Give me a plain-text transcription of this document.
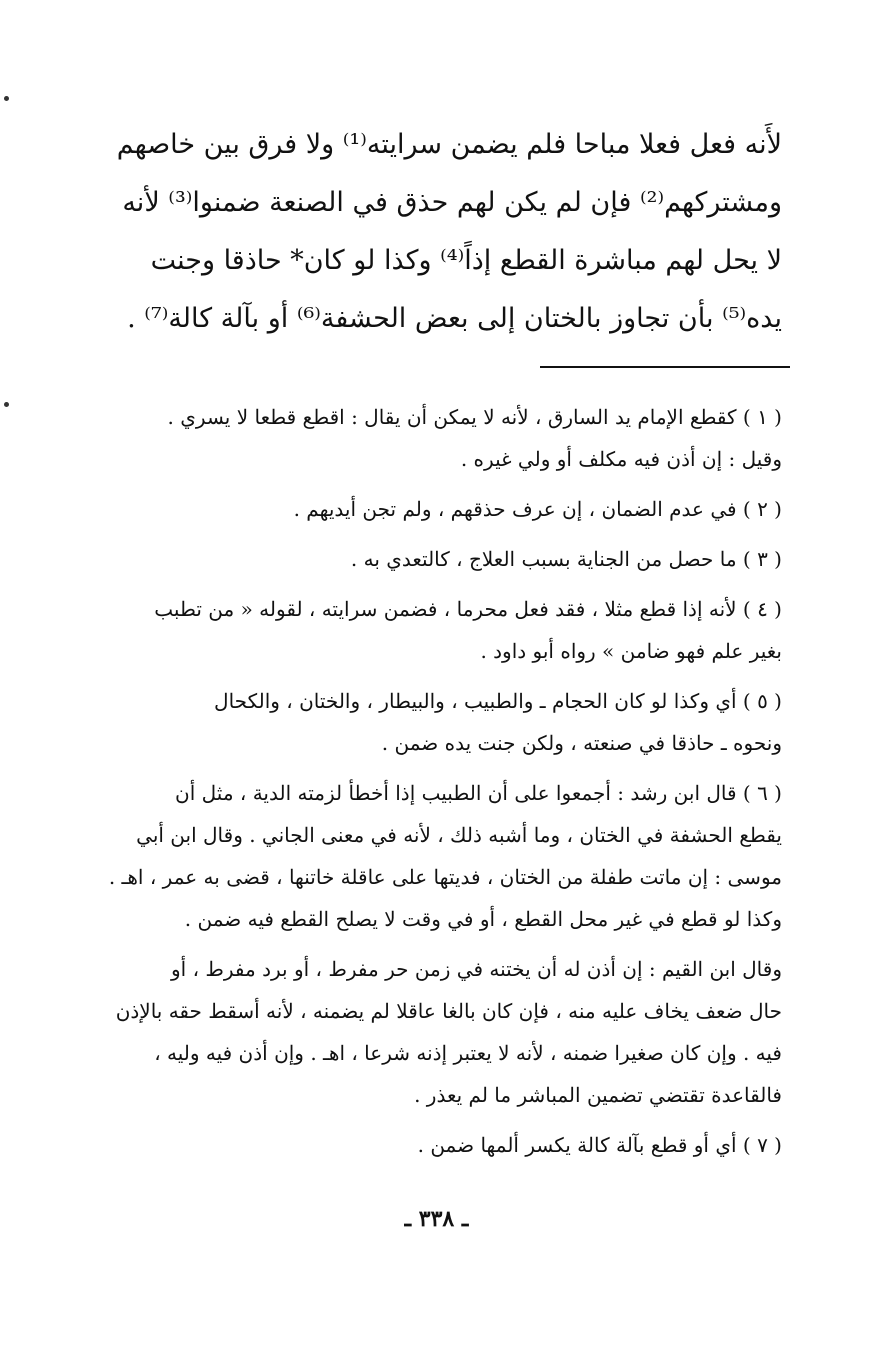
لأَنه فعل فعلا مباحا فلم يضمن سرايته⁽¹⁾ ولا فرق بين خاصهم
ومشتركهم⁽²⁾ فإن لم يكن لهم حذق في الصنعة ضمنوا⁽³⁾ لأنه
لا يحل لهم مباشرة القطع إذاً⁽⁴⁾ وكذا لو كان* حاذقا وجنت
يده⁽⁵⁾ بأن تجاوز بالختان إلى بعض الحشفة⁽⁶⁾ أو بآلة كالة⁽⁷⁾ .
( ١ ) كقطع الإمام يد السارق ، لأنه لا يمكن أن يقال : اقطع قطعا لا يسري .
وقيل : إن أذن فيه مكلف أو ولي غيره .
( ٢ ) في عدم الضمان ، إن عرف حذقهم ، ولم تجن أيديهم .
( ٣ ) ما حصل من الجناية بسبب العلاج ، كالتعدي به .
( ٤ ) لأنه إذا قطع مثلا ، فقد فعل محرما ، فضمن سرايته ، لقوله « من تطبب
بغير علم فهو ضامن » رواه أبو داود .
( ٥ ) أي وكذا لو كان الحجام ـ والطبيب ، والبيطار ، والختان ، والكحال
ونحوه ـ حاذقا في صنعته ، ولكن جنت يده ضمن .
( ٦ ) قال ابن رشد : أجمعوا على أن الطبيب إذا أخطأ لزمته الدية ، مثل أن
يقطع الحشفة في الختان ، وما أشبه ذلك ، لأنه في معنى الجاني . وقال ابن أبي
موسى : إن ماتت طفلة من الختان ، فديتها على عاقلة خاتنها ، قضى به عمر ، اهـ .
وكذا لو قطع في غير محل القطع ، أو في وقت لا يصلح القطع فيه ضمن .
وقال ابن القيم : إن أذن له أن يختنه في زمن حر مفرط ، أو برد مفرط ، أو
حال ضعف يخاف عليه منه ، فإن كان بالغا عاقلا لم يضمنه ، لأنه أسقط حقه بالإذن
فيه . وإن كان صغيرا ضمنه ، لأنه لا يعتبر إذنه شرعا ، اهـ . وإن أذن فيه وليه ،
فالقاعدة تقتضي تضمين المباشر ما لم يعذر .
( ٧ ) أي أو قطع بآلة كالة يكسر ألمها ضمن .
ـ ٣٣٨ ـ
